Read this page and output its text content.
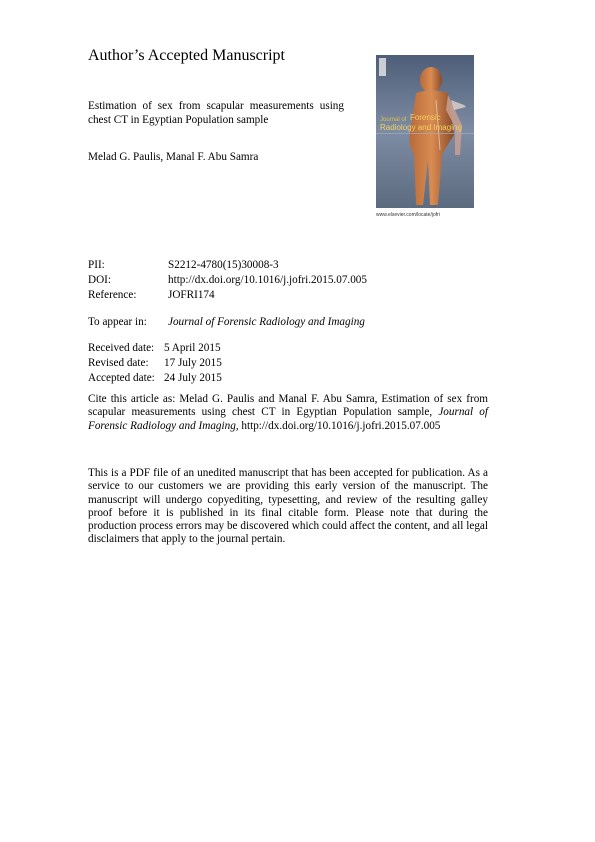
Author’s Accepted Manuscript
Estimation of sex from scapular measurements using chest CT in Egyptian Population sample
Melad G. Paulis, Manal F. Abu Samra
Journal of Forensic
Radiology and Imaging
www.elsevier.com/locate/jofri
PII:	S2212-4780(15)30008-3
DOI:	http://dx.doi.org/10.1016/j.jofri.2015.07.005
Reference:	JOFRI174
To appear in: Journal of Forensic Radiology and Imaging
Received date: 5 April 2015
Revised date: 17 July 2015
Accepted date: 24 July 2015
Cite this article as: Melad G. Paulis and Manal F. Abu Samra, Estimation of sex from scapular measurements using chest CT in Egyptian Population sample, Journal of Forensic Radiology and Imaging, http://dx.doi.org/10.1016/j.jofri.2015.07.005
This is a PDF file of an unedited manuscript that has been accepted for publication. As a service to our customers we are providing this early version of the manuscript. The manuscript will undergo copyediting, typesetting, and review of the resulting galley proof before it is published in its final citable form. Please note that during the production process errors may be discovered which could affect the content, and all legal disclaimers that apply to the journal pertain.
